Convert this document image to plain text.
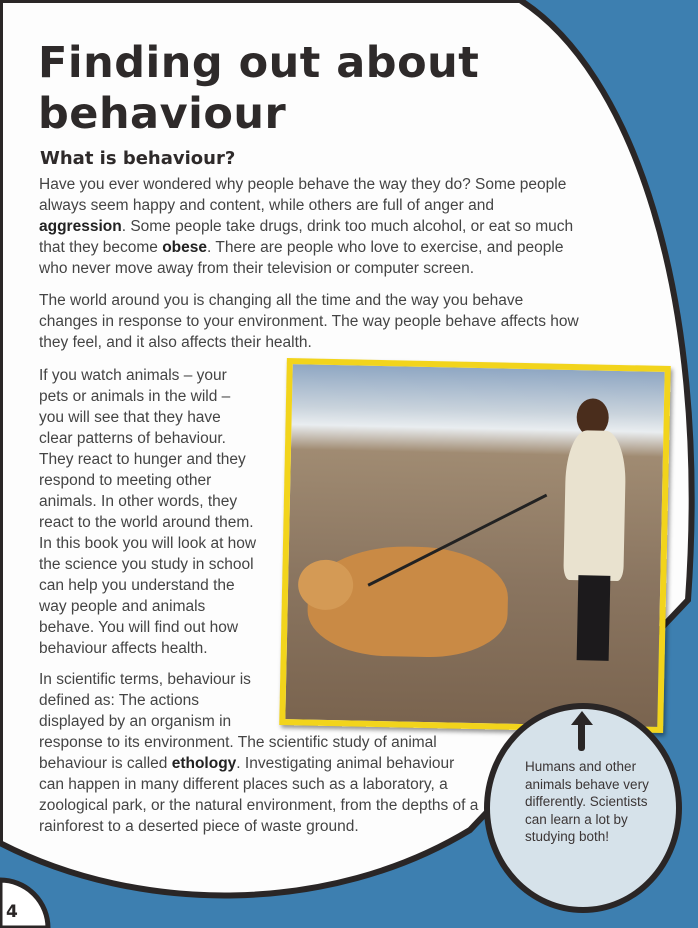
Finding out about
behaviour
What is behaviour?

Have you ever wondered why people behave the way they do? Some people always seem happy and content, while others are full of anger and aggression. Some people take drugs, drink too much alcohol, or eat so much that they become obese. There are people who love to exercise, and people who never move away from their television or computer screen.

The world around you is changing all the time and the way you behave changes in response to your environment. The way people behave affects how they feel, and it also affects their health.

If you watch animals – your pets or animals in the wild – you will see that they have clear patterns of behaviour. They react to hunger and they respond to meeting other animals. In other words, they react to the world around them. In this book you will look at how the science you study in school can help you understand the way people and animals behave. You will find out how behaviour affects health.

In scientific terms, behaviour is defined as: The actions displayed by an organism in response to its environment. The scientific study of animal behaviour is called ethology. Investigating animal behaviour can happen in many different places such as a laboratory, a zoological park, or the natural environment, from the depths of a rainforest to a deserted piece of waste ground.

Humans and other animals behave very differently. Scientists can learn a lot by studying both!

4
